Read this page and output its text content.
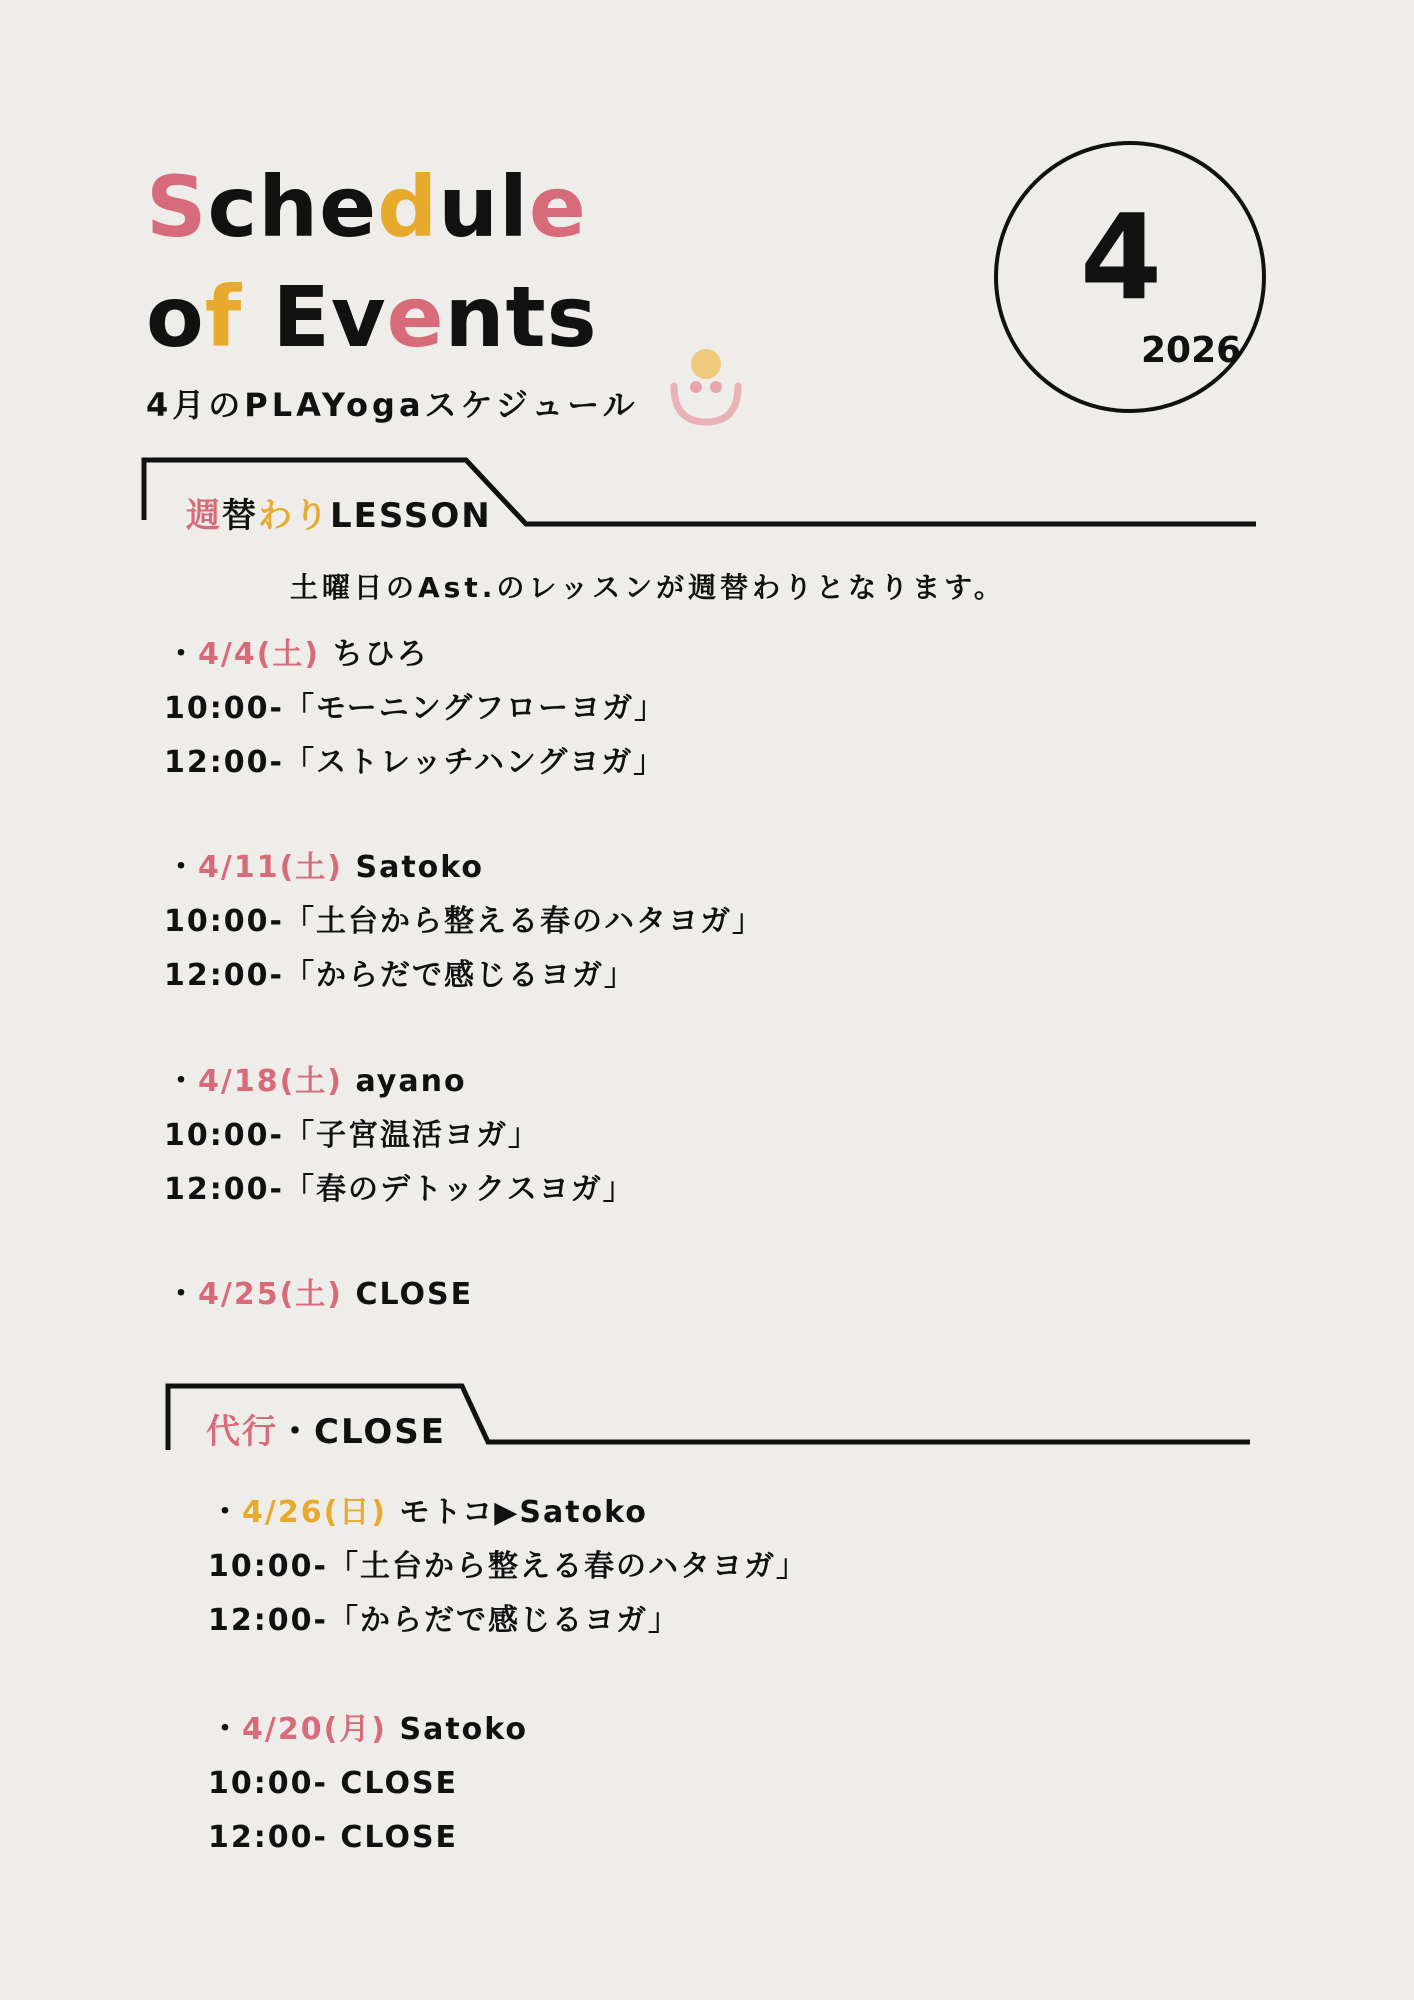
Schedule
of Events
4月のPLAYogaスケジュール
4
2026
週替わりLESSON
土曜日のAst.のレッスンが週替わりとなります。
・4/4(土) ちひろ
10:00-「モーニングフローヨガ」
12:00-「ストレッチハングヨガ」
・4/11(土) Satoko
10:00-「土台から整える春のハタヨガ」
12:00-「からだで感じるヨガ」
・4/18(土) ayano
10:00-「子宮温活ヨガ」
12:00-「春のデトックスヨガ」
・4/25(土) CLOSE
代行・CLOSE
・4/26(日) モトコ▶Satoko
10:00-「土台から整える春のハタヨガ」
12:00-「からだで感じるヨガ」
・4/20(月) Satoko
10:00- CLOSE
12:00- CLOSE
